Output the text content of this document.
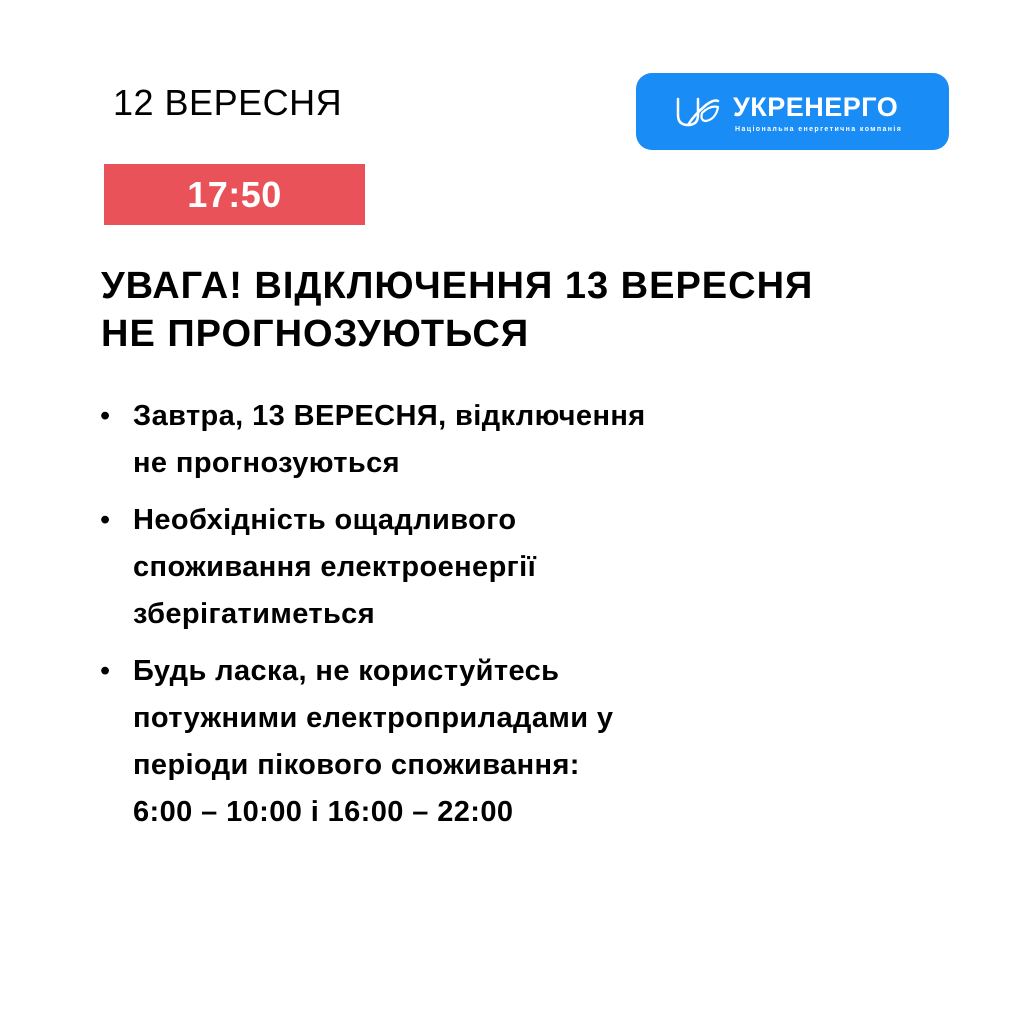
12 ВЕРЕСНЯ
17:50
УКРЕНЕРГО
Національна енергетична компанія
УВАГА! ВІДКЛЮЧЕННЯ 13 ВЕРЕСНЯ
НЕ ПРОГНОЗУЮТЬСЯ
• Завтра, 13 ВЕРЕСНЯ, відключення
не прогнозуються
• Необхідність ощадливого
споживання електроенергії
зберігатиметься
• Будь ласка, не користуйтесь
потужними електроприладами у
періоди пікового споживання:
6:00 – 10:00 і 16:00 – 22:00
